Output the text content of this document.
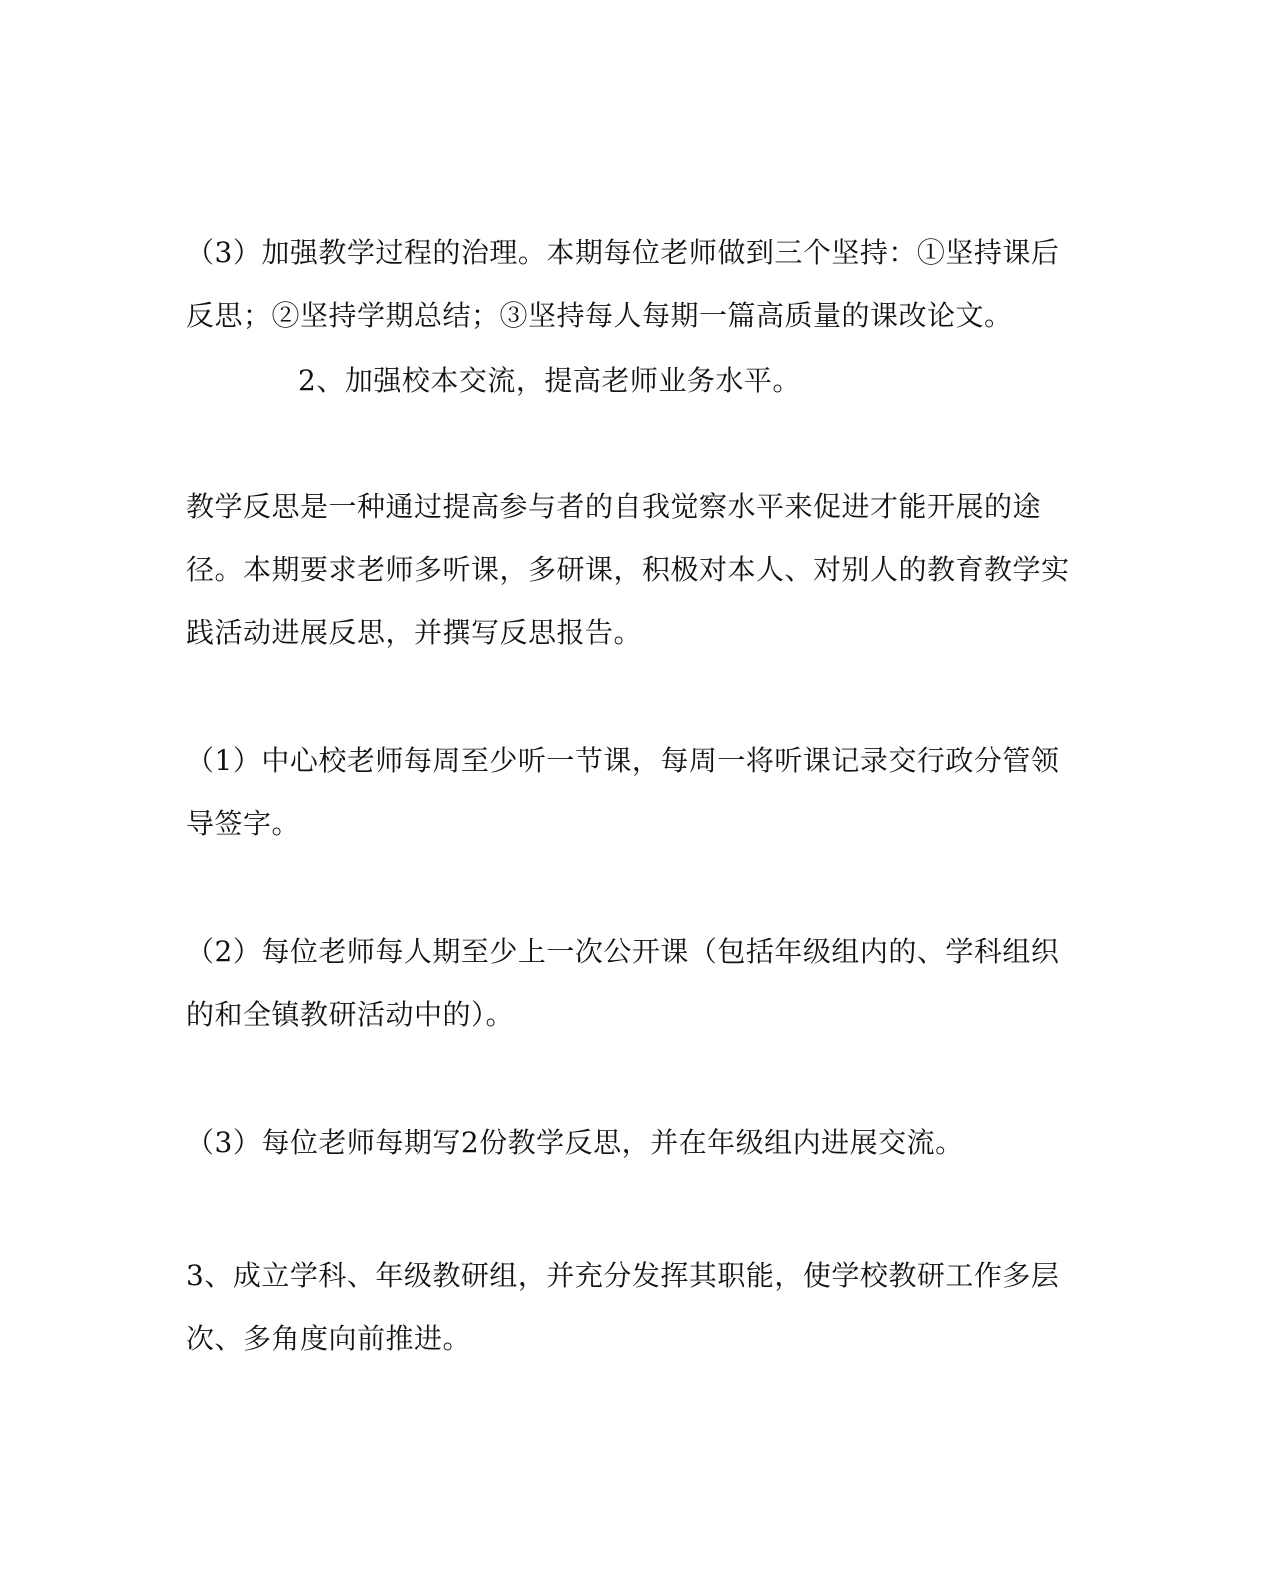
（3）加强教学过程的治理。本期每位老师做到三个坚持：①坚持课后反思；②坚持学期总结；③坚持每人每期一篇高质量的课改论文。
2、加强校本交流，提高老师业务水平。
教学反思是一种通过提高参与者的自我觉察水平来促进才能开展的途径。本期要求老师多听课，多研课，积极对本人、对别人的教育教学实践活动进展反思，并撰写反思报告。
（1）中心校老师每周至少听一节课，每周一将听课记录交行政分管领导签字。
（2）每位老师每人期至少上一次公开课（包括年级组内的、学科组织的和全镇教研活动中的）。
（3）每位老师每期写2份教学反思，并在年级组内进展交流。
3、成立学科、年级教研组，并充分发挥其职能，使学校教研工作多层次、多角度向前推进。
